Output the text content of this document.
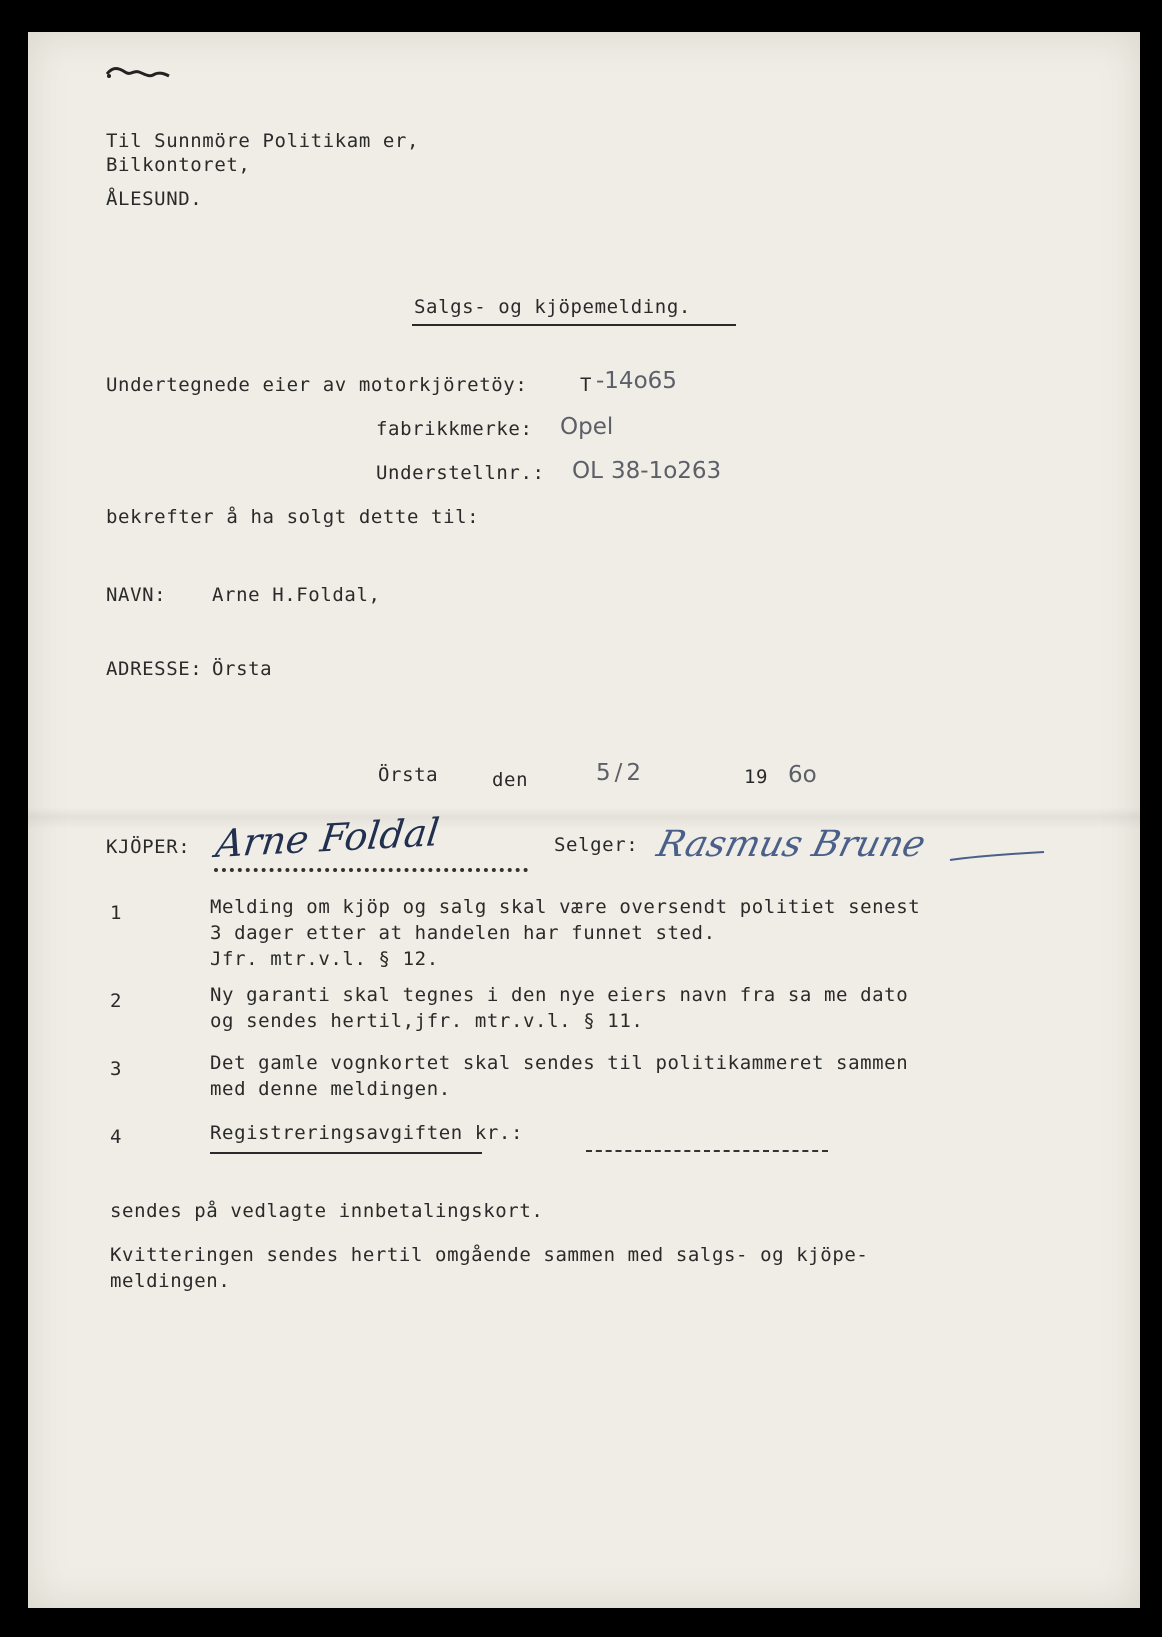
Til Sunnmöre Politikam er,
Bilkontoret,
ÅLESUND.
Salgs- og kjöpemelding.
Undertegnede eier av motorkjöretöy:	T -14o65
fabrikkmerke: Opel
Understellnr.: OL 38-1o263
bekrefter å ha solgt dette til:
NAVN: Arne H.Foldal,
ADRESSE: Örsta
Örsta	den	5/2	19 6o
KJÖPER: Arne Foldal	Selger: Rasmus Brune
1	Melding om kjöp og salg skal være oversendt politiet senest
3 dager etter at handelen har funnet sted.
Jfr. mtr.v.l. § 12.
2	Ny garanti skal tegnes i den nye eiers navn fra sa me dato
og sendes hertil,jfr. mtr.v.l. § 11.
3	Det gamle vognkortet skal sendes til politikammeret sammen
med denne meldingen.
4	Registreringsavgiften kr.:
sendes på vedlagte innbetalingskort.
Kvitteringen sendes hertil omgående sammen med salgs- og kjöpe-
meldingen.
